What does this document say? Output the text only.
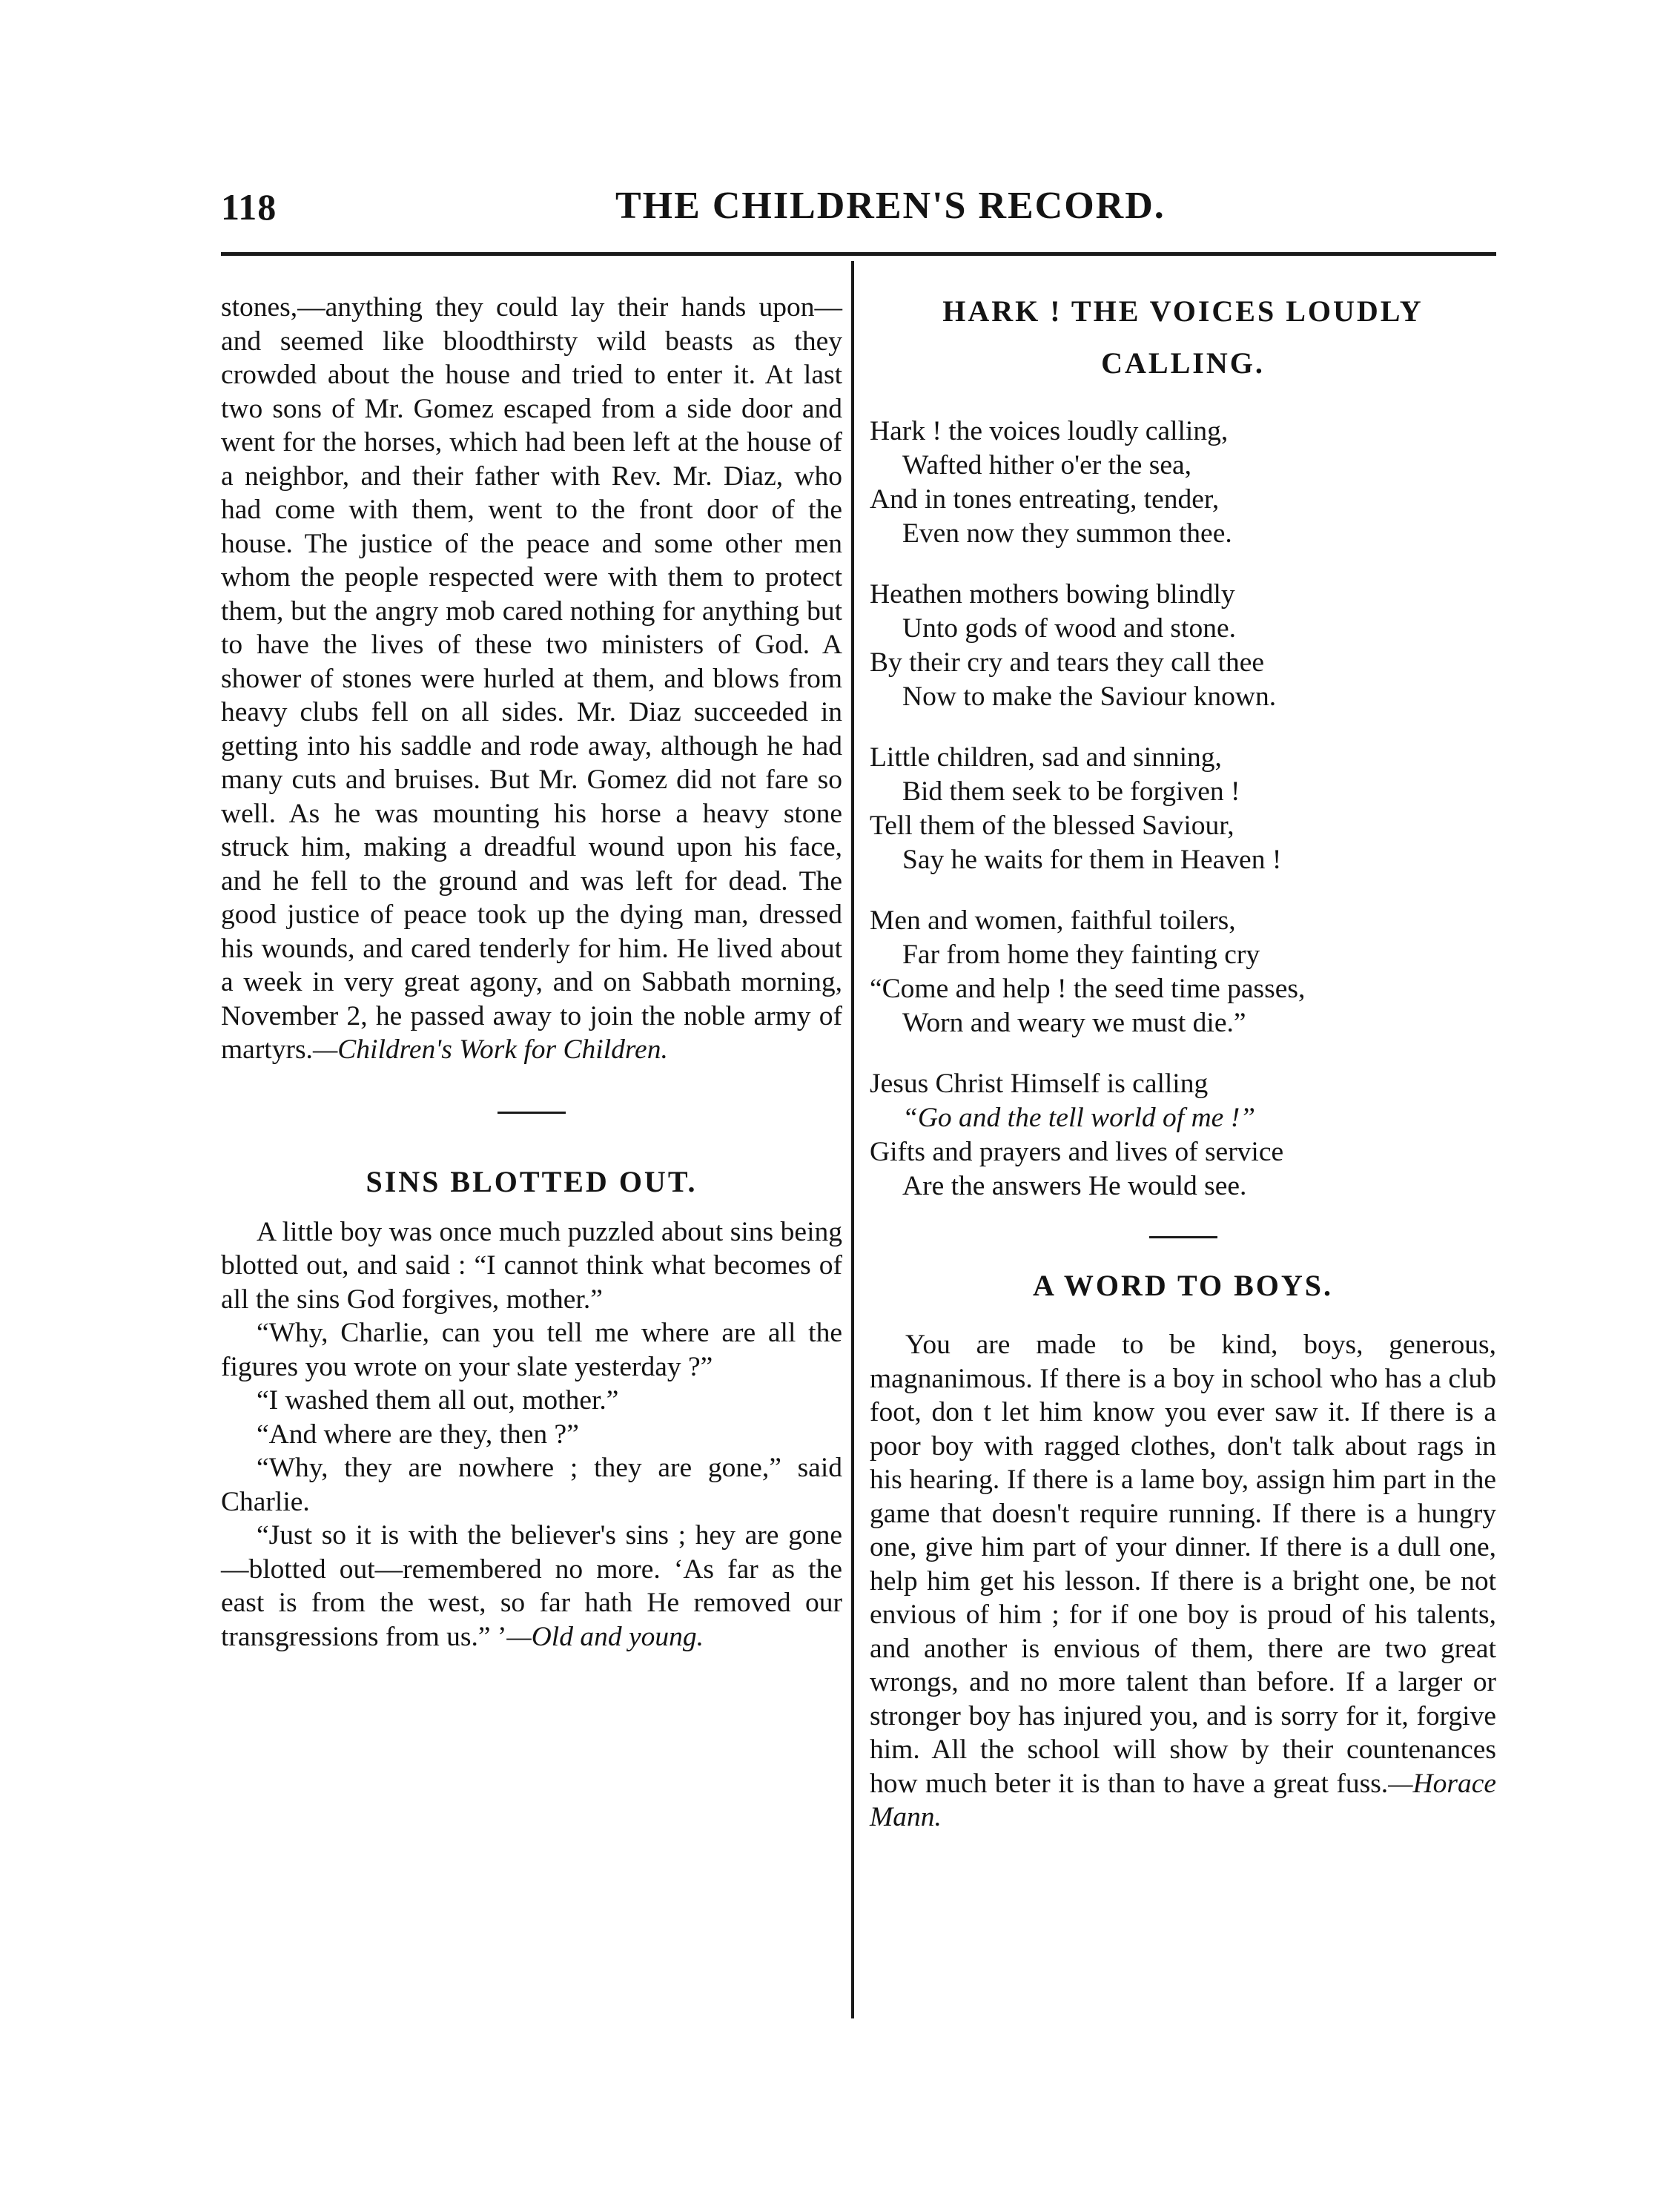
118	THE CHILDREN'S RECORD.

stones,—anything they could lay their hands upon—and seemed like bloodthirsty wild beasts as they crowded about the house and tried to enter it. At last two sons of Mr. Gomez escaped from a side door and went for the horses, which had been left at the house of a neighbor, and their father with Rev. Mr. Diaz, who had come with them, went to the front door of the house. The justice of the peace and some other men whom the people respected were with them to protect them, but the angry mob cared nothing for anything but to have the lives of these two ministers of God. A shower of stones were hurled at them, and blows from heavy clubs fell on all sides. Mr. Diaz succeeded in getting into his saddle and rode away, although he had many cuts and bruises. But Mr. Gomez did not fare so well. As he was mounting his horse a heavy stone struck him, making a dreadful wound upon his face, and he fell to the ground and was left for dead. The good justice of peace took up the dying man, dressed his wounds, and cared tenderly for him. He lived about a week in very great agony, and on Sabbath morning, November 2, he passed away to join the noble army of martyrs.—Children's Work for Children.

SINS BLOTTED OUT.

A little boy was once much puzzled about sins being blotted out, and said : “I cannot think what becomes of all the sins God forgives, mother.”

“Why, Charlie, can you tell me where are all the figures you wrote on your slate yesterday ?”

“I washed them all out, mother.”

“And where are they, then ?”

“Why, they are nowhere ; they are gone,” said Charlie.

“Just so it is with the believer's sins ; hey are gone—blotted out—remembered no more. ‘As far as the east is from the west, so far hath He removed our transgressions from us.” ’—Old and young.

HARK ! THE VOICES LOUDLY
CALLING.
Hark ! the voices loudly calling,
Wafted hither o'er the sea,
And in tones entreating, tender,
Even now they summon thee.
Heathen mothers bowing blindly
Unto gods of wood and stone.
By their cry and tears they call thee
Now to make the Saviour known.
Little children, sad and sinning,
Bid them seek to be forgiven !
Tell them of the blessed Saviour,
Say he waits for them in Heaven !
Men and women, faithful toilers,
Far from home they fainting cry
“Come and help ! the seed time passes,
Worn and weary we must die.”
Jesus Christ Himself is calling
“Go and the tell world of me !”
Gifts and prayers and lives of service
Are the answers He would see.
A WORD TO BOYS.

You are made to be kind, boys, generous, magnanimous. If there is a boy in school who has a club foot, don t let him know you ever saw it. If there is a poor boy with ragged clothes, don't talk about rags in his hearing. If there is a lame boy, assign him part in the game that doesn't require running. If there is a hungry one, give him part of your dinner. If there is a dull one, help him get his lesson. If there is a bright one, be not envious of him ; for if one boy is proud of his talents, and another is envious of them, there are two great wrongs, and no more talent than before. If a larger or stronger boy has injured you, and is sorry for it, forgive him. All the school will show by their countenances how much beter it is than to have a great fuss.—Horace Mann.
